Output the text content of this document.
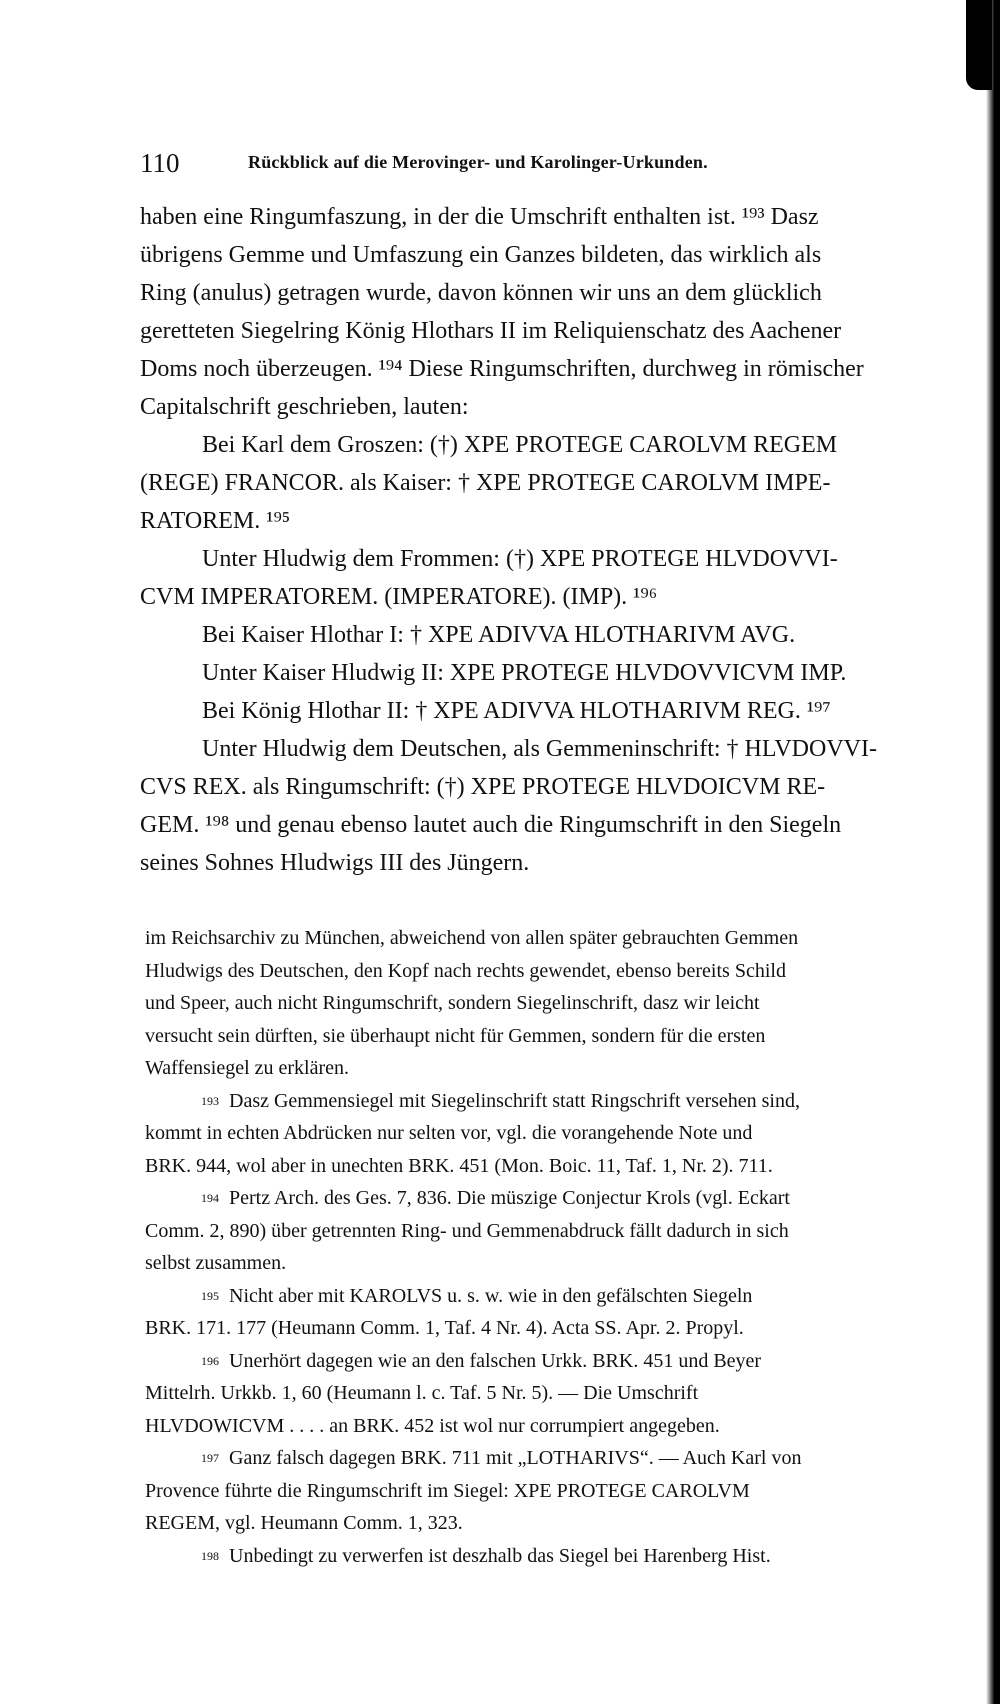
110	Rückblick auf die Merovinger- und Karolinger-Urkunden.
haben eine Ringumfaszung, in der die Umschrift enthalten ist. ¹⁹³ Dasz
übrigens Gemme und Umfaszung ein Ganzes bildeten, das wirklich als
Ring (anulus) getragen wurde, davon können wir uns an dem glücklich
geretteten Siegelring König Hlothars II im Reliquienschatz des Aachener
Doms noch überzeugen. ¹⁹⁴ Diese Ringumschriften, durchweg in römischer
Capitalschrift geschrieben, lauten:
Bei Karl dem Groszen: (†) XPE PROTEGE CAROLVM REGEM
(REGE) FRANCOR. als Kaiser: † XPE PROTEGE CAROLVM IMPE-
RATOREM. ¹⁹⁵
Unter Hludwig dem Frommen: (†) XPE PROTEGE HLVDOVVI-
CVM IMPERATOREM. (IMPERATORE). (IMP). ¹⁹⁶
Bei Kaiser Hlothar I: † XPE ADIVVA HLOTHARIVM AVG.
Unter Kaiser Hludwig II: XPE PROTEGE HLVDOVVICVM IMP.
Bei König Hlothar II: † XPE ADIVVA HLOTHARIVM REG. ¹⁹⁷
Unter Hludwig dem Deutschen, als Gemmeninschrift: † HLVDOVVI-
CVS REX. als Ringumschrift: (†) XPE PROTEGE HLVDOICVM RE-
GEM. ¹⁹⁸ und genau ebenso lautet auch die Ringumschrift in den Siegeln
seines Sohnes Hludwigs III des Jüngern.
im Reichsarchiv zu München, abweichend von allen später gebrauchten Gemmen
Hludwigs des Deutschen, den Kopf nach rechts gewendet, ebenso bereits Schild
und Speer, auch nicht Ringumschrift, sondern Siegelinschrift, dasz wir leicht
versucht sein dürften, sie überhaupt nicht für Gemmen, sondern für die ersten
Waffensiegel zu erklären.
$^{193}$ Dasz Gemmensiegel mit Siegelinschrift statt Ringschrift versehen sind,
kommt in echten Abdrücken nur selten vor, vgl. die vorangehende Note und
BRK. 944, wol aber in unechten BRK. 451 (Mon. Boic. 11, Taf. 1, Nr. 2). 711.
$^{194}$ Pertz Arch. des Ges. 7, 836. Die müszige Conjectur Krols (vgl. Eckart
Comm. 2, 890) über getrennten Ring- und Gemmenabdruck fällt dadurch in sich
selbst zusammen.
$^{195}$ Nicht aber mit KAROLVS u. s. w. wie in den gefälschten Siegeln
BRK. 171. 177 (Heumann Comm. 1, Taf. 4 Nr. 4). Acta SS. Apr. 2. Propyl.
$^{196}$ Unerhört dagegen wie an den falschen Urkk. BRK. 451 und Beyer
Mittelrh. Urkkb. 1, 60 (Heumann l. c. Taf. 5 Nr. 5). — Die Umschrift
HLVDOWICVM . . . . an BRK. 452 ist wol nur corrumpiert angegeben.
$^{197}$ Ganz falsch dagegen BRK. 711 mit „LOTHARIVS“. — Auch Karl von
Provence führte die Ringumschrift im Siegel: XPE PROTEGE CAROLVM
REGEM, vgl. Heumann Comm. 1, 323.
$^{198}$ Unbedingt zu verwerfen ist deszhalb das Siegel bei Harenberg Hist.
